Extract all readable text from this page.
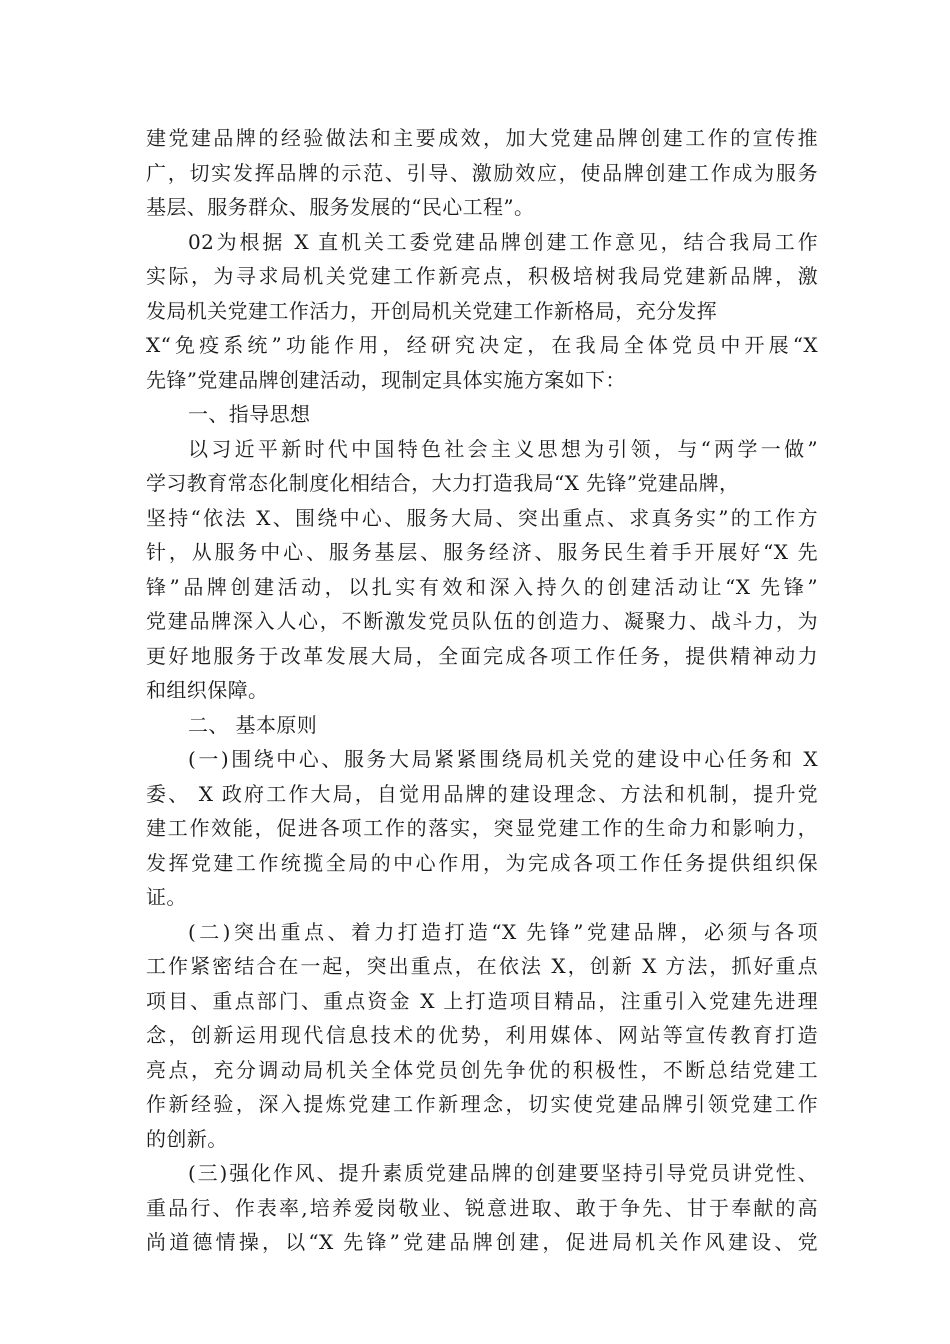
建党建品牌的经验做法和主要成效，加大党建品牌创建工作的宣传推
广，切实发挥品牌的示范、引导、激励效应，使品牌创建工作成为服务
基层、服务群众、服务发展的“民心工程”。
02为根据 X 直机关工委党建品牌创建工作意见，结合我局工作
实际，为寻求局机关党建工作新亮点，积极培树我局党建新品牌，激
发局机关党建工作活力，开创局机关党建工作新格局，充分发挥
X“免疫系统”功能作用，经研究决定，在我局全体党员中开展“X
先锋”党建品牌创建活动，现制定具体实施方案如下：
一、指导思想
以习近平新时代中国特色社会主义思想为引领，与“两学一做”
学习教育常态化制度化相结合，大力打造我局“X 先锋”党建品牌，
坚持“依法 X、围绕中心、服务大局、突出重点、求真务实”的工作方
针，从服务中心、服务基层、服务经济、服务民生着手开展好“X 先
锋”品牌创建活动，以扎实有效和深入持久的创建活动让“X 先锋”
党建品牌深入人心，不断激发党员队伍的创造力、凝聚力、战斗力，为
更好地服务于改革发展大局，全面完成各项工作任务，提供精神动力
和组织保障。
二、 基本原则
(一)围绕中心、服务大局紧紧围绕局机关党的建设中心任务和 X
委、 X 政府工作大局，自觉用品牌的建设理念、方法和机制，提升党
建工作效能，促进各项工作的落实，突显党建工作的生命力和影响力，
发挥党建工作统揽全局的中心作用，为完成各项工作任务提供组织保
证。
(二)突出重点、着力打造打造“X 先锋”党建品牌，必须与各项
工作紧密结合在一起，突出重点，在依法 X，创新 X 方法，抓好重点
项目、重点部门、重点资金 X 上打造项目精品，注重引入党建先进理
念，创新运用现代信息技术的优势，利用媒体、网站等宣传教育打造
亮点，充分调动局机关全体党员创先争优的积极性，不断总结党建工
作新经验，深入提炼党建工作新理念，切实使党建品牌引领党建工作
的创新。
(三)强化作风、提升素质党建品牌的创建要坚持引导党员讲党性、
重品行、作表率,培养爱岗敬业、锐意进取、敢于争先、甘于奉献的高
尚道德情操，以“X 先锋”党建品牌创建，促进局机关作风建设、党
